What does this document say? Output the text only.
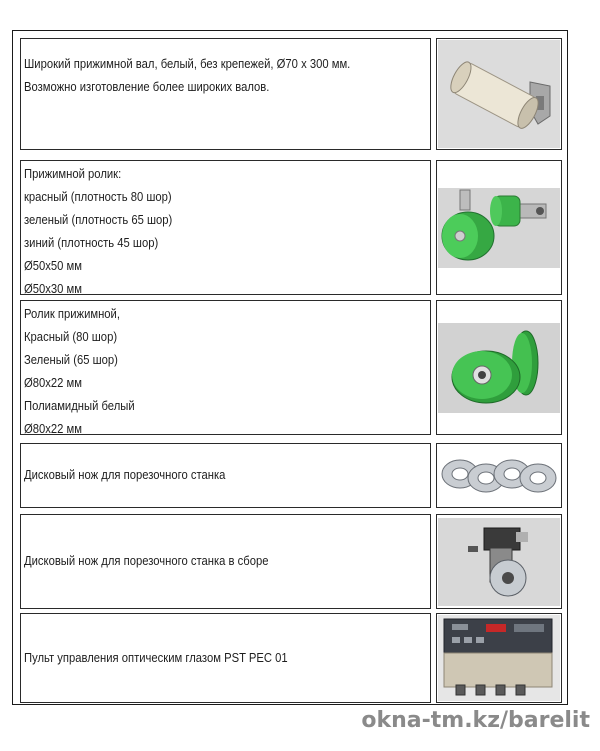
Широкий прижимной вал, белый, без крепежей, Ø70 х 300 мм.
Возможно изготовление более широких валов.
Прижимной ролик:
красный (плотность 80 шор)
зеленый (плотность 65 шор)
зиний (плотность 45 шор)
Ø50х50 мм
Ø50х30 мм
Ролик прижимной,
Красный (80 шор)
Зеленый (65 шор)
Ø80х22 мм
Полиамидный белый
Ø80х22 мм
Дисковый нож для порезочного станка
Дисковый нож для порезочного станка в сборе
Пульт управления оптическим глазом PST PEC 01
okna-tm.kz/barelit
